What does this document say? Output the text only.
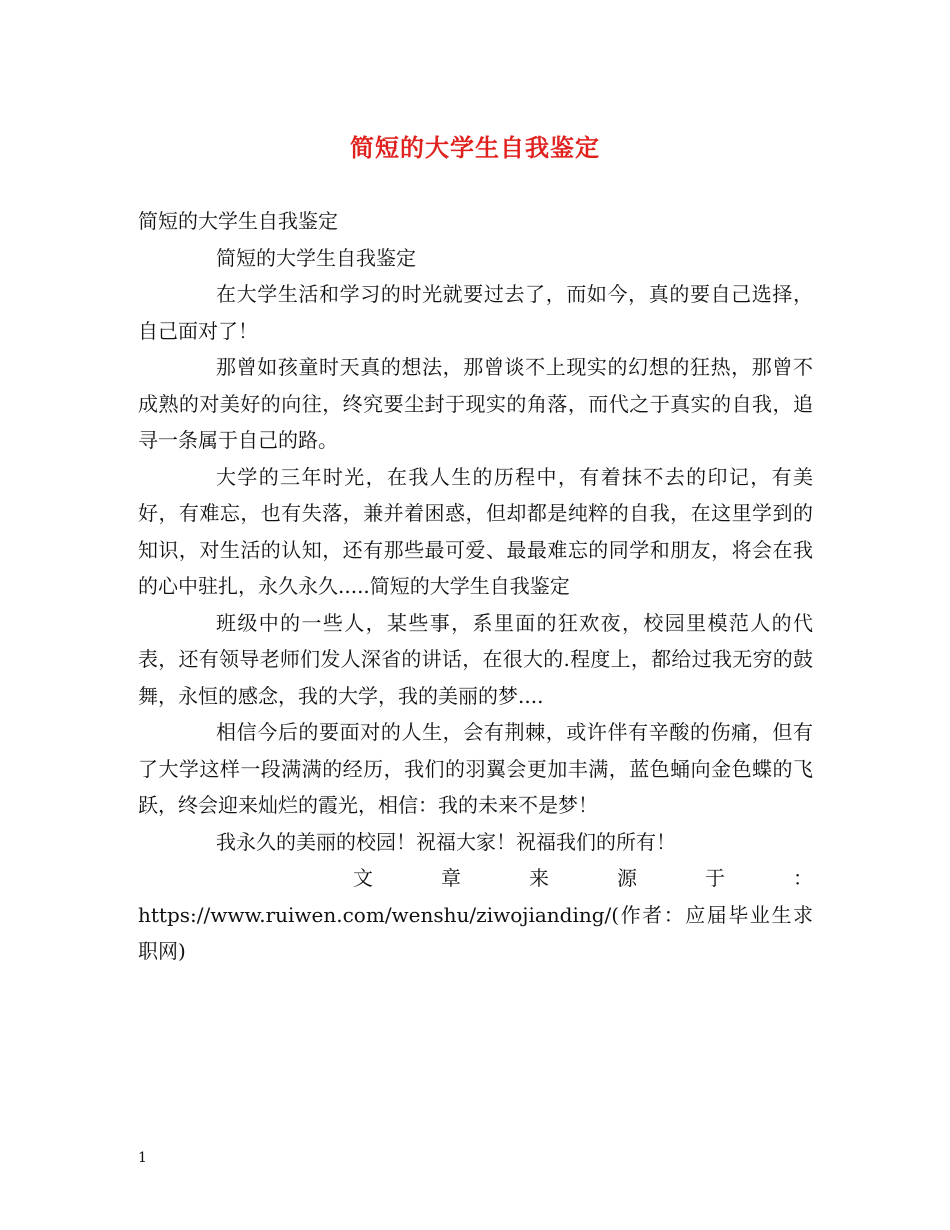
简短的大学生自我鉴定

简短的大学生自我鉴定

简短的大学生自我鉴定

在大学生活和学习的时光就要过去了，而如今，真的要自己选择，自己面对了！

那曾如孩童时天真的想法，那曾谈不上现实的幻想的狂热，那曾不成熟的对美好的向往，终究要尘封于现实的角落，而代之于真实的自我，追寻一条属于自己的路。

大学的三年时光，在我人生的历程中，有着抹不去的印记，有美好，有难忘，也有失落，兼并着困惑，但却都是纯粹的自我，在这里学到的知识，对生活的认知，还有那些最可爱、最最难忘的同学和朋友，将会在我的心中驻扎，永久永久.....简短的大学生自我鉴定

班级中的一些人，某些事，系里面的狂欢夜，校园里模范人的代表，还有领导老师们发人深省的讲话，在很大的.程度上，都给过我无穷的鼓舞，永恒的感念，我的大学，我的美丽的梦....

相信今后的要面对的人生，会有荆棘，或许伴有辛酸的伤痛，但有了大学这样一段满满的经历，我们的羽翼会更加丰满，蓝色蛹向金色蝶的飞跃，终会迎来灿烂的霞光，相信：我的未来不是梦！

我永久的美丽的校园！祝福大家！祝福我们的所有！

文	章	来	源	于	：

https://www.ruiwen.com/wenshu/ziwojianding/(作者：应届毕业生求职网)

1
